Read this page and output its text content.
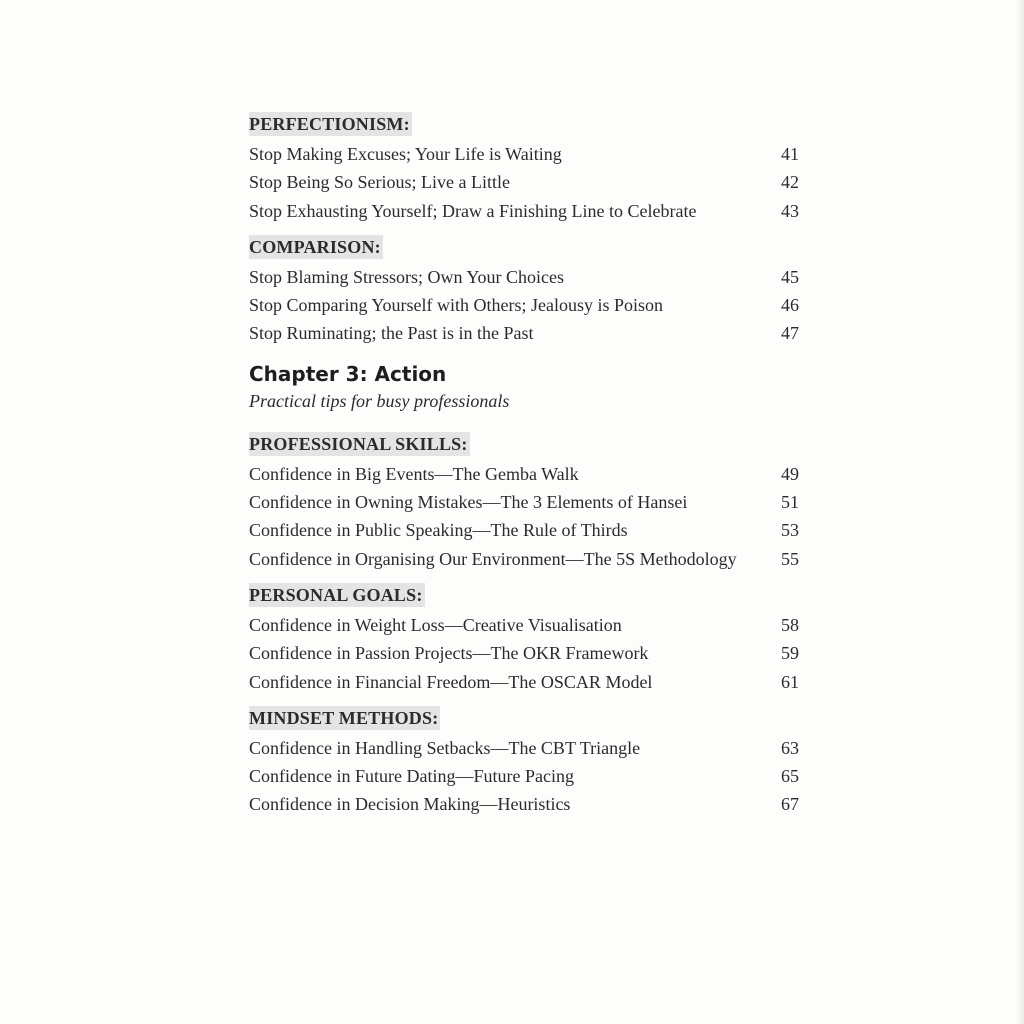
PERFECTIONISM:
Stop Making Excuses; Your Life is Waiting	41
Stop Being So Serious; Live a Little	42
Stop Exhausting Yourself; Draw a Finishing Line to Celebrate	43
COMPARISON:
Stop Blaming Stressors; Own Your Choices	45
Stop Comparing Yourself with Others; Jealousy is Poison	46
Stop Ruminating; the Past is in the Past	47
Chapter 3: Action
Practical tips for busy professionals
PROFESSIONAL SKILLS:
Confidence in Big Events—The Gemba Walk	49
Confidence in Owning Mistakes—The 3 Elements of Hansei	51
Confidence in Public Speaking—The Rule of Thirds	53
Confidence in Organising Our Environment—The 5S Methodology	55
PERSONAL GOALS:
Confidence in Weight Loss—Creative Visualisation	58
Confidence in Passion Projects—The OKR Framework	59
Confidence in Financial Freedom—The OSCAR Model	61
MINDSET METHODS:
Confidence in Handling Setbacks—The CBT Triangle	63
Confidence in Future Dating—Future Pacing	65
Confidence in Decision Making—Heuristics	67
